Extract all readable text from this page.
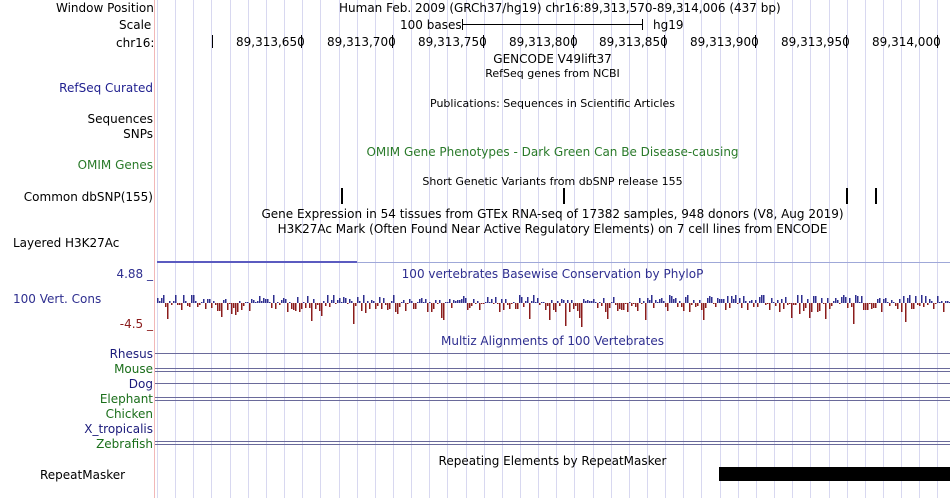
Window Position	Human Feb. 2009 (GRCh37/hg19) chr16:89,313,570-89,314,006 (437 bp)
Scale	100 bases	hg19
chr16:	89,313,650 89,313,700 89,313,750 89,313,800 89,313,850 89,313,900 89,313,950 89,314,000
GENCODE V49lift37
RefSeq genes from NCBI
RefSeq Curated
Publications: Sequences in Scientific Articles
Sequences
SNPs
OMIM Gene Phenotypes - Dark Green Can Be Disease-causing
OMIM Genes
Short Genetic Variants from dbSNP release 155
Common dbSNP(155)
Gene Expression in 54 tissues from GTEx RNA-seq of 17382 samples, 948 donors (V8, Aug 2019)
H3K27Ac Mark (Often Found Near Active Regulatory Elements) on 7 cell lines from ENCODE
Layered H3K27Ac
100 vertebrates Basewise Conservation by PhyloP
4.88 _
100 Vert. Cons
-4.5 _
Multiz Alignments of 100 Vertebrates
Rhesus
Mouse
Dog
Elephant
Chicken
X_tropicalis
Zebrafish
Repeating Elements by RepeatMasker
RepeatMasker
